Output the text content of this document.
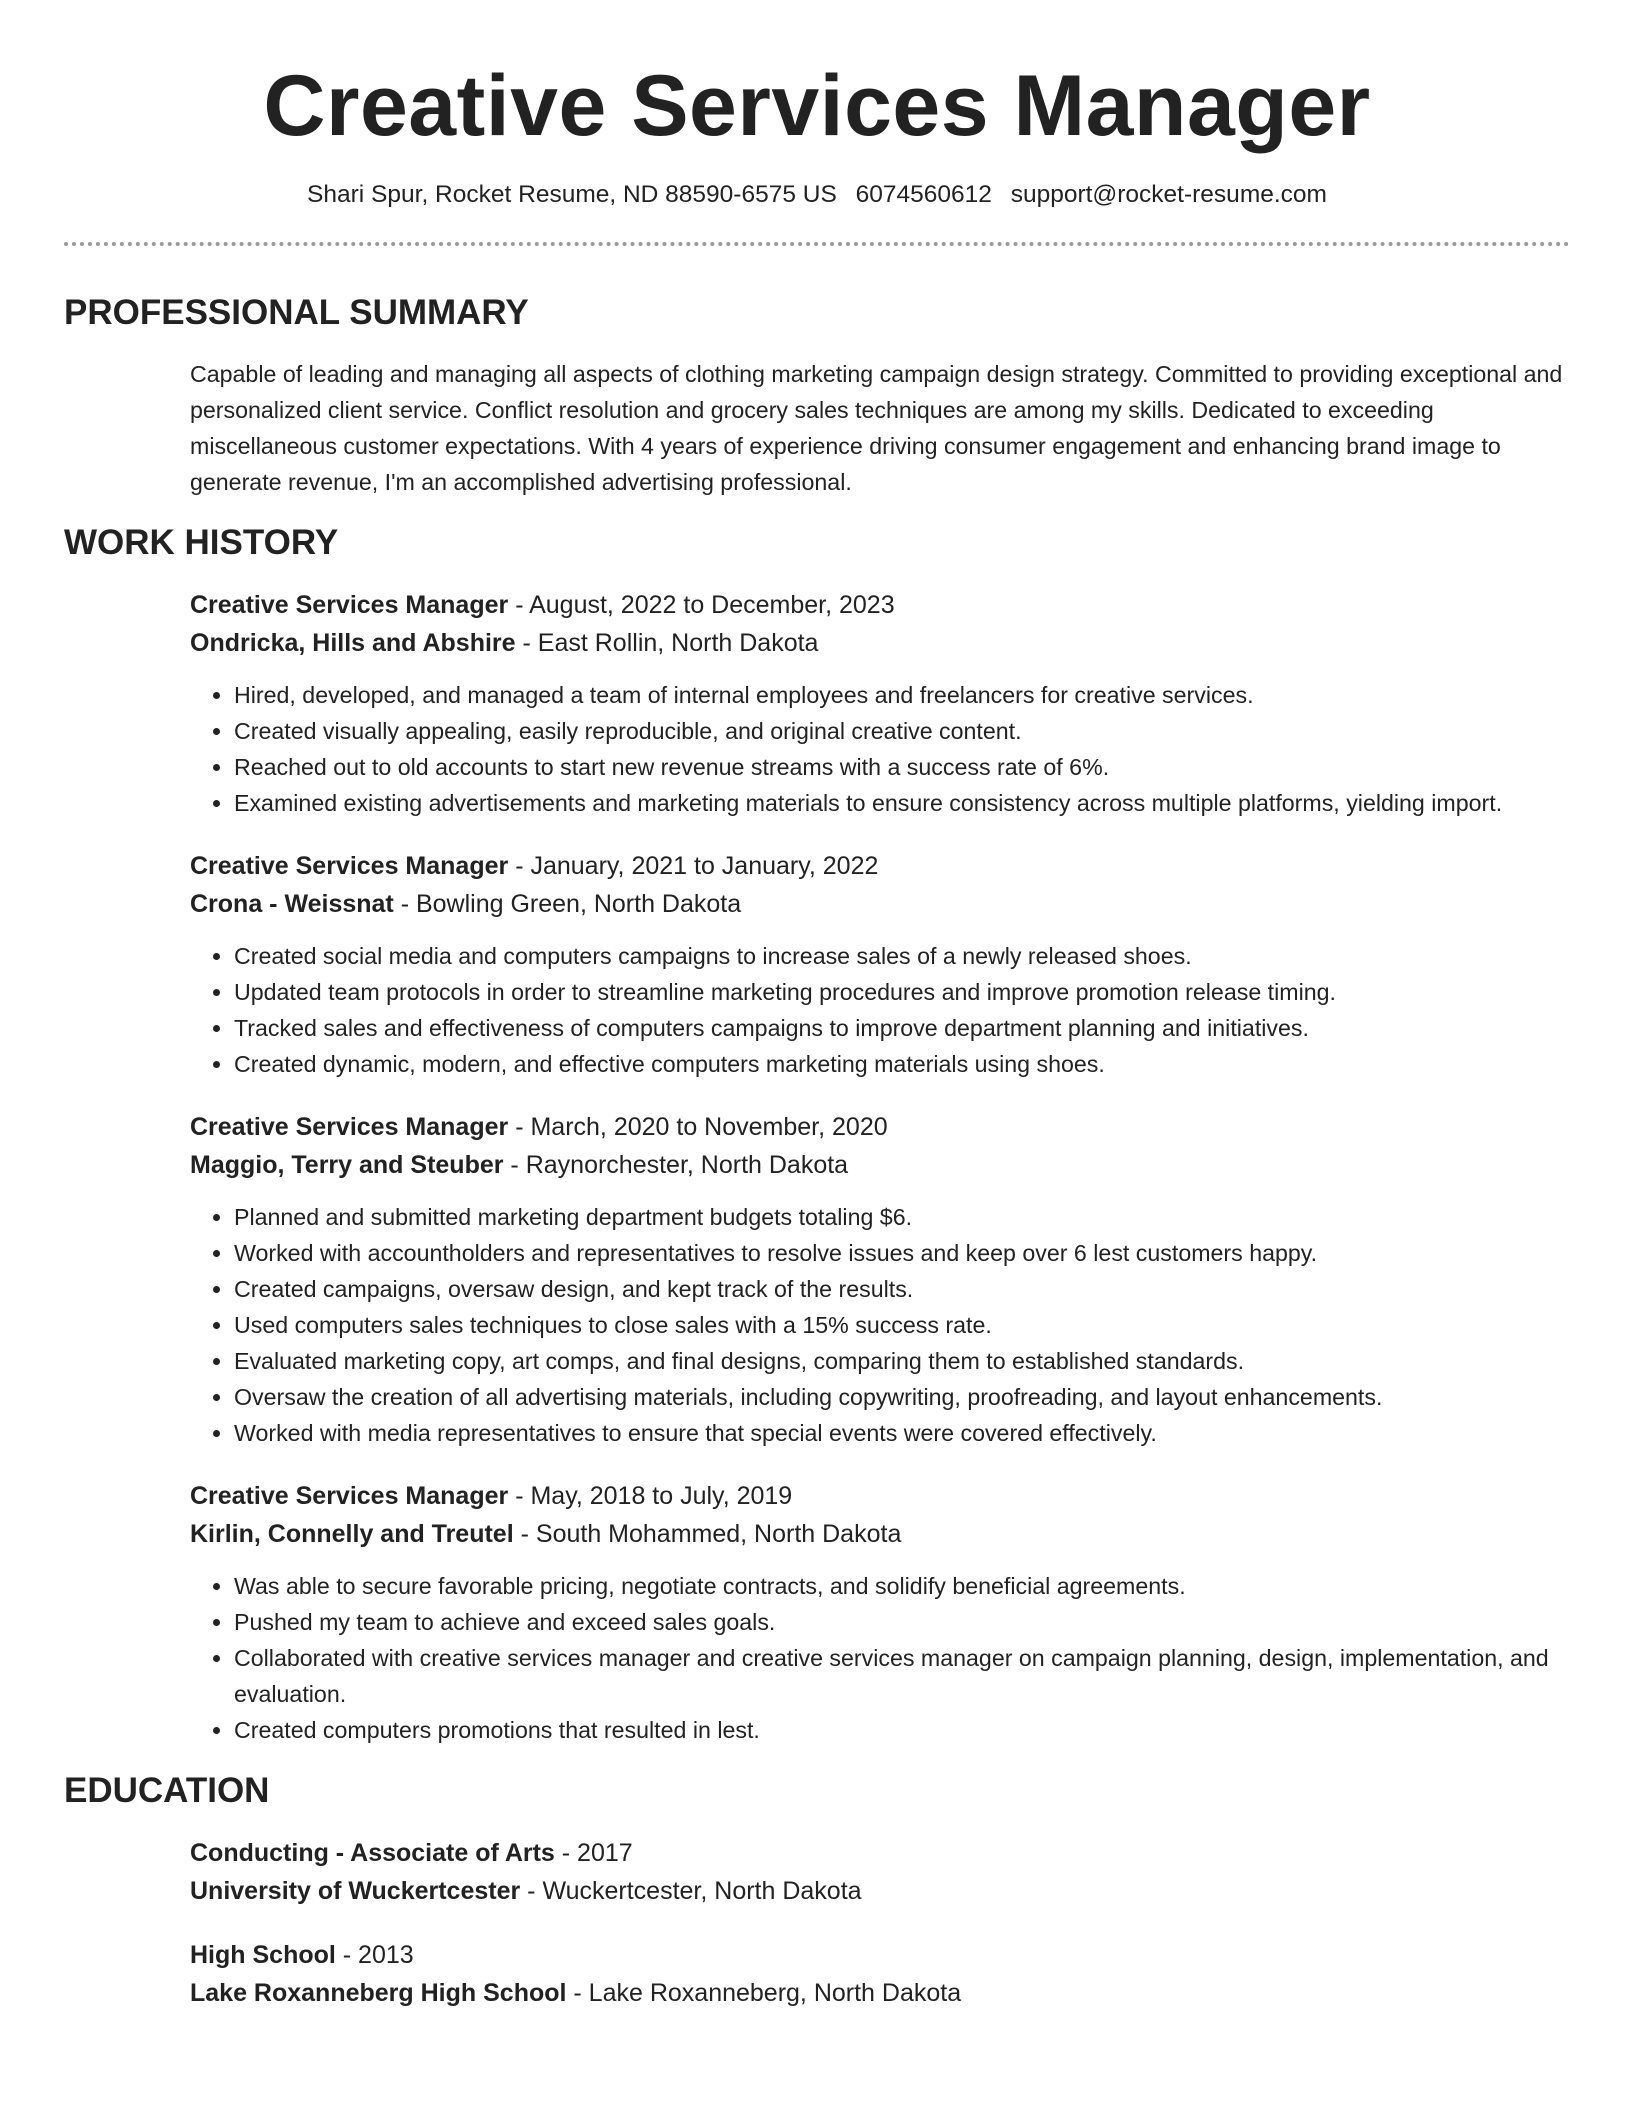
Creative Services Manager
Shari Spur, Rocket Resume, ND 88590-6575 US 6074560612 support@rocket-resume.com
PROFESSIONAL SUMMARY

Capable of leading and managing all aspects of clothing marketing campaign design strategy. Committed to providing exceptional and personalized client service. Conflict resolution and grocery sales techniques are among my skills. Dedicated to exceeding miscellaneous customer expectations. With 4 years of experience driving consumer engagement and enhancing brand image to generate revenue, I'm an accomplished advertising professional.

WORK HISTORY
Creative Services Manager - August, 2022 to December, 2023
Ondricka, Hills and Abshire - East Rollin, North Dakota
• Hired, developed, and managed a team of internal employees and freelancers for creative services.
• Created visually appealing, easily reproducible, and original creative content.
• Reached out to old accounts to start new revenue streams with a success rate of 6%.
• Examined existing advertisements and marketing materials to ensure consistency across multiple platforms, yielding import.
Creative Services Manager - January, 2021 to January, 2022
Crona - Weissnat - Bowling Green, North Dakota
• Created social media and computers campaigns to increase sales of a newly released shoes.
• Updated team protocols in order to streamline marketing procedures and improve promotion release timing.
• Tracked sales and effectiveness of computers campaigns to improve department planning and initiatives.
• Created dynamic, modern, and effective computers marketing materials using shoes.
Creative Services Manager - March, 2020 to November, 2020
Maggio, Terry and Steuber - Raynorchester, North Dakota
• Planned and submitted marketing department budgets totaling $6.
• Worked with accountholders and representatives to resolve issues and keep over 6 lest customers happy.
• Created campaigns, oversaw design, and kept track of the results.
• Used computers sales techniques to close sales with a 15% success rate.
• Evaluated marketing copy, art comps, and final designs, comparing them to established standards.
• Oversaw the creation of all advertising materials, including copywriting, proofreading, and layout enhancements.
• Worked with media representatives to ensure that special events were covered effectively.
Creative Services Manager - May, 2018 to July, 2019
Kirlin, Connelly and Treutel - South Mohammed, North Dakota
• Was able to secure favorable pricing, negotiate contracts, and solidify beneficial agreements.
• Pushed my team to achieve and exceed sales goals.
• Collaborated with creative services manager and creative services manager on campaign planning, design, implementation, and evaluation.
• Created computers promotions that resulted in lest.
EDUCATION
Conducting - Associate of Arts - 2017
University of Wuckertcester - Wuckertcester, North Dakota
High School - 2013
Lake Roxanneberg High School - Lake Roxanneberg, North Dakota
